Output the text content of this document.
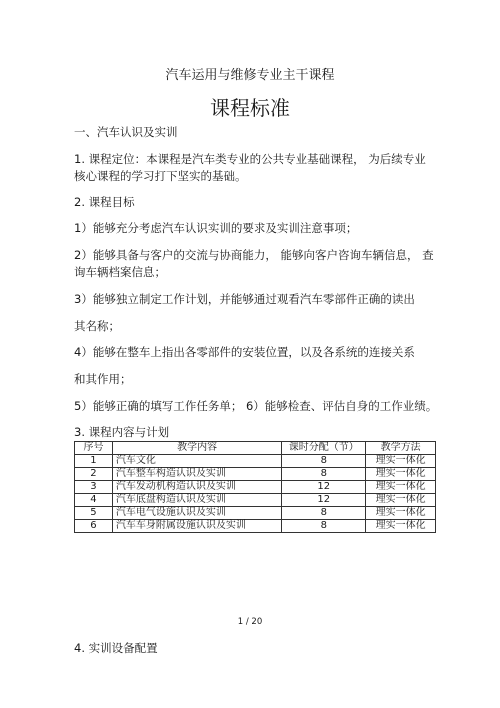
汽车运用与维修专业主干课程
课程标准
一、汽车认识及实训
1. 课程定位：本课程是汽车类专业的公共专业基础课程， 为后续专业
核心课程的学习打下坚实的基础。
2. 课程目标
1）能够充分考虑汽车认识实训的要求及实训注意事项；
2）能够具备与客户的交流与协商能力， 能够向客户咨询车辆信息， 查
询车辆档案信息；
3）能够独立制定工作计划，并能够通过观看汽车零部件正确的读出
其名称；
4）能够在整车上指出各零部件的安装位置，以及各系统的连接关系
和其作用；
5）能够正确的填写工作任务单； 6）能够检查、评估自身的工作业绩。
3. 课程内容与计划
序号	教学内容	课时分配（节）	教学方法
1	汽车文化	8	理实一体化
2	汽车整车构造认识及实训	8	理实一体化
3	汽车发动机构造认识及实训	12	理实一体化
4	汽车底盘构造认识及实训	12	理实一体化
5	汽车电气设施认识及实训	8	理实一体化
6	汽车车身附属设施认识及实训	8	理实一体化
1 / 20
4. 实训设备配置
